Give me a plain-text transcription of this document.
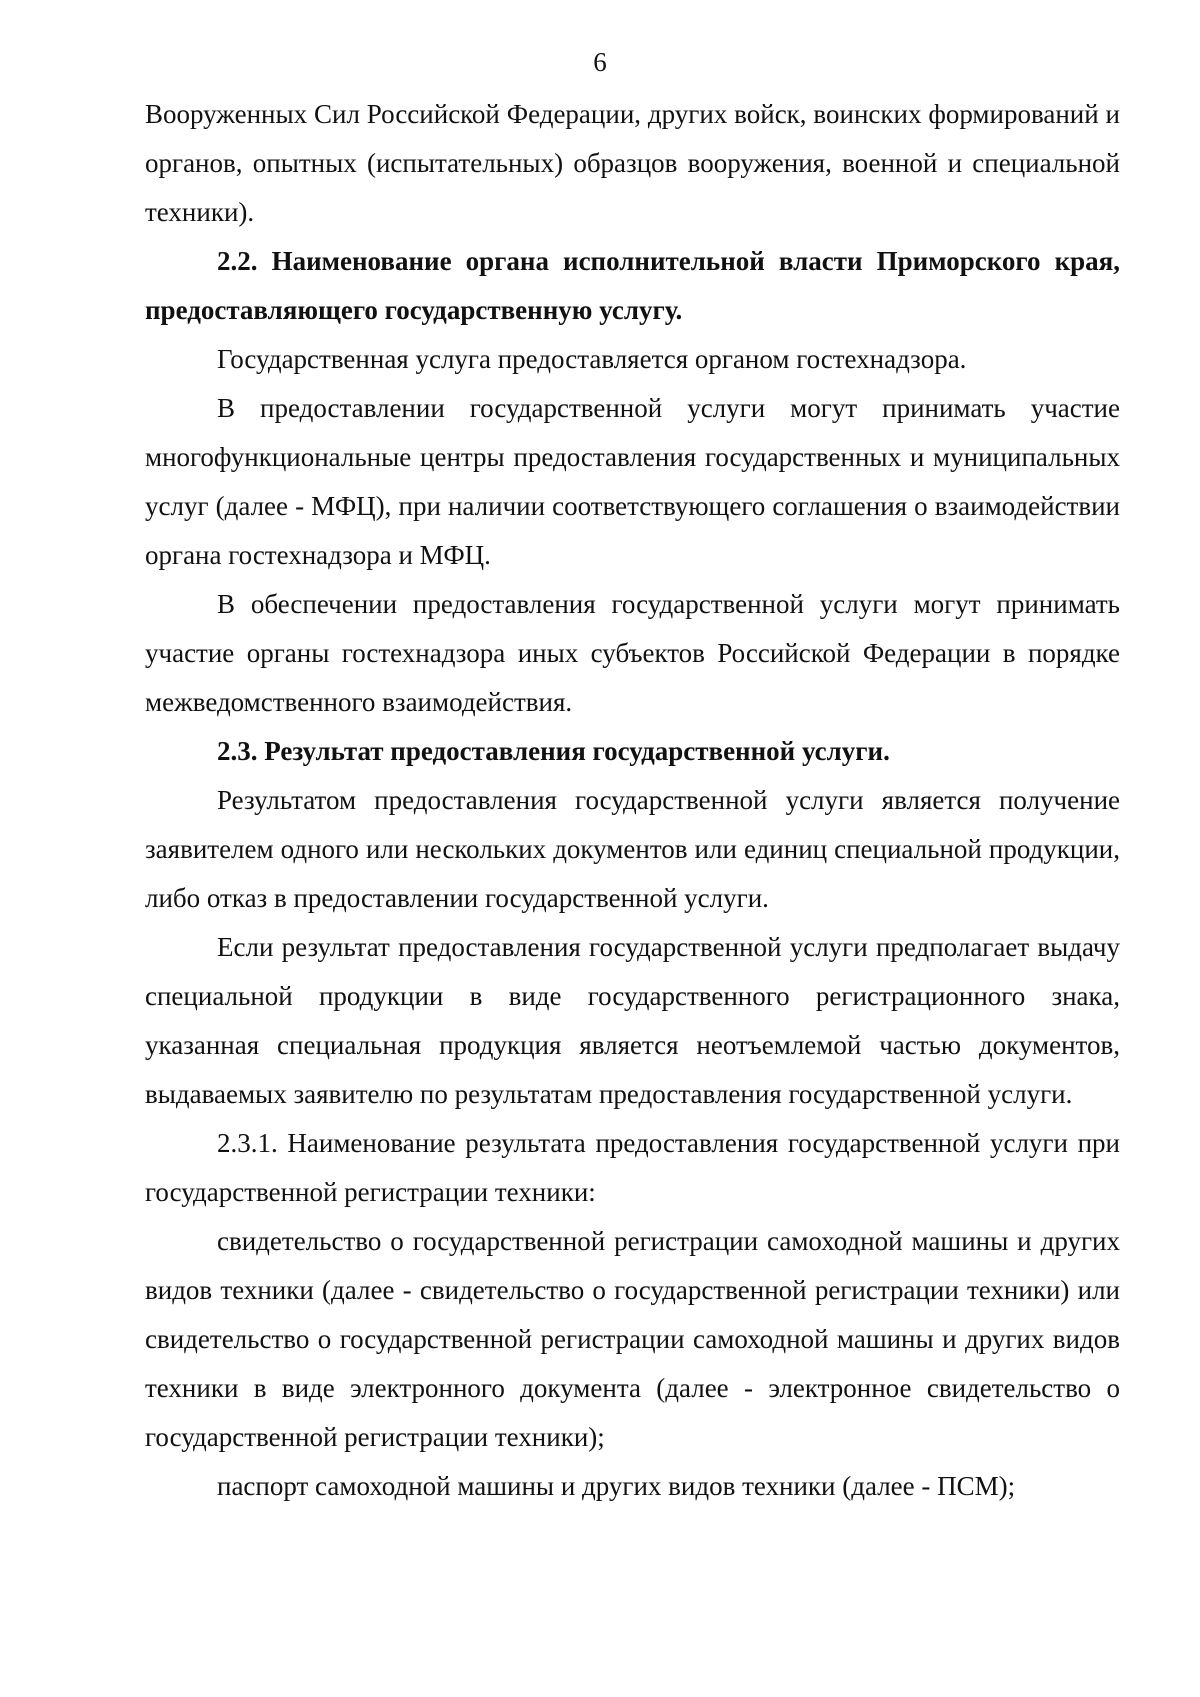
6

Вооруженных Сил Российской Федерации, других войск, воинских формирований и органов, опытных (испытательных) образцов вооружения, военной и специальной техники).

2.2. Наименование органа исполнительной власти Приморского края, предоставляющего государственную услугу.

Государственная услуга предоставляется органом гостехнадзора.

В предоставлении государственной услуги могут принимать участие многофункциональные центры предоставления государственных и муниципальных услуг (далее - МФЦ), при наличии соответствующего соглашения о взаимодействии органа гостехнадзора и МФЦ.

В обеспечении предоставления государственной услуги могут принимать участие органы гостехнадзора иных субъектов Российской Федерации в порядке межведомственного взаимодействия.

2.3. Результат предоставления государственной услуги.

Результатом предоставления государственной услуги является получение заявителем одного или нескольких документов или единиц специальной продукции, либо отказ в предоставлении государственной услуги.

Если результат предоставления государственной услуги предполагает выдачу специальной продукции в виде государственного регистрационного знака, указанная специальная продукция является неотъемлемой частью документов, выдаваемых заявителю по результатам предоставления государственной услуги.

2.3.1. Наименование результата предоставления государственной услуги при государственной регистрации техники:

свидетельство о государственной регистрации самоходной машины и других видов техники (далее - свидетельство о государственной регистрации техники) или свидетельство о государственной регистрации самоходной машины и других видов техники в виде электронного документа (далее - электронное свидетельство о государственной регистрации техники);

паспорт самоходной машины и других видов техники (далее - ПСМ);
